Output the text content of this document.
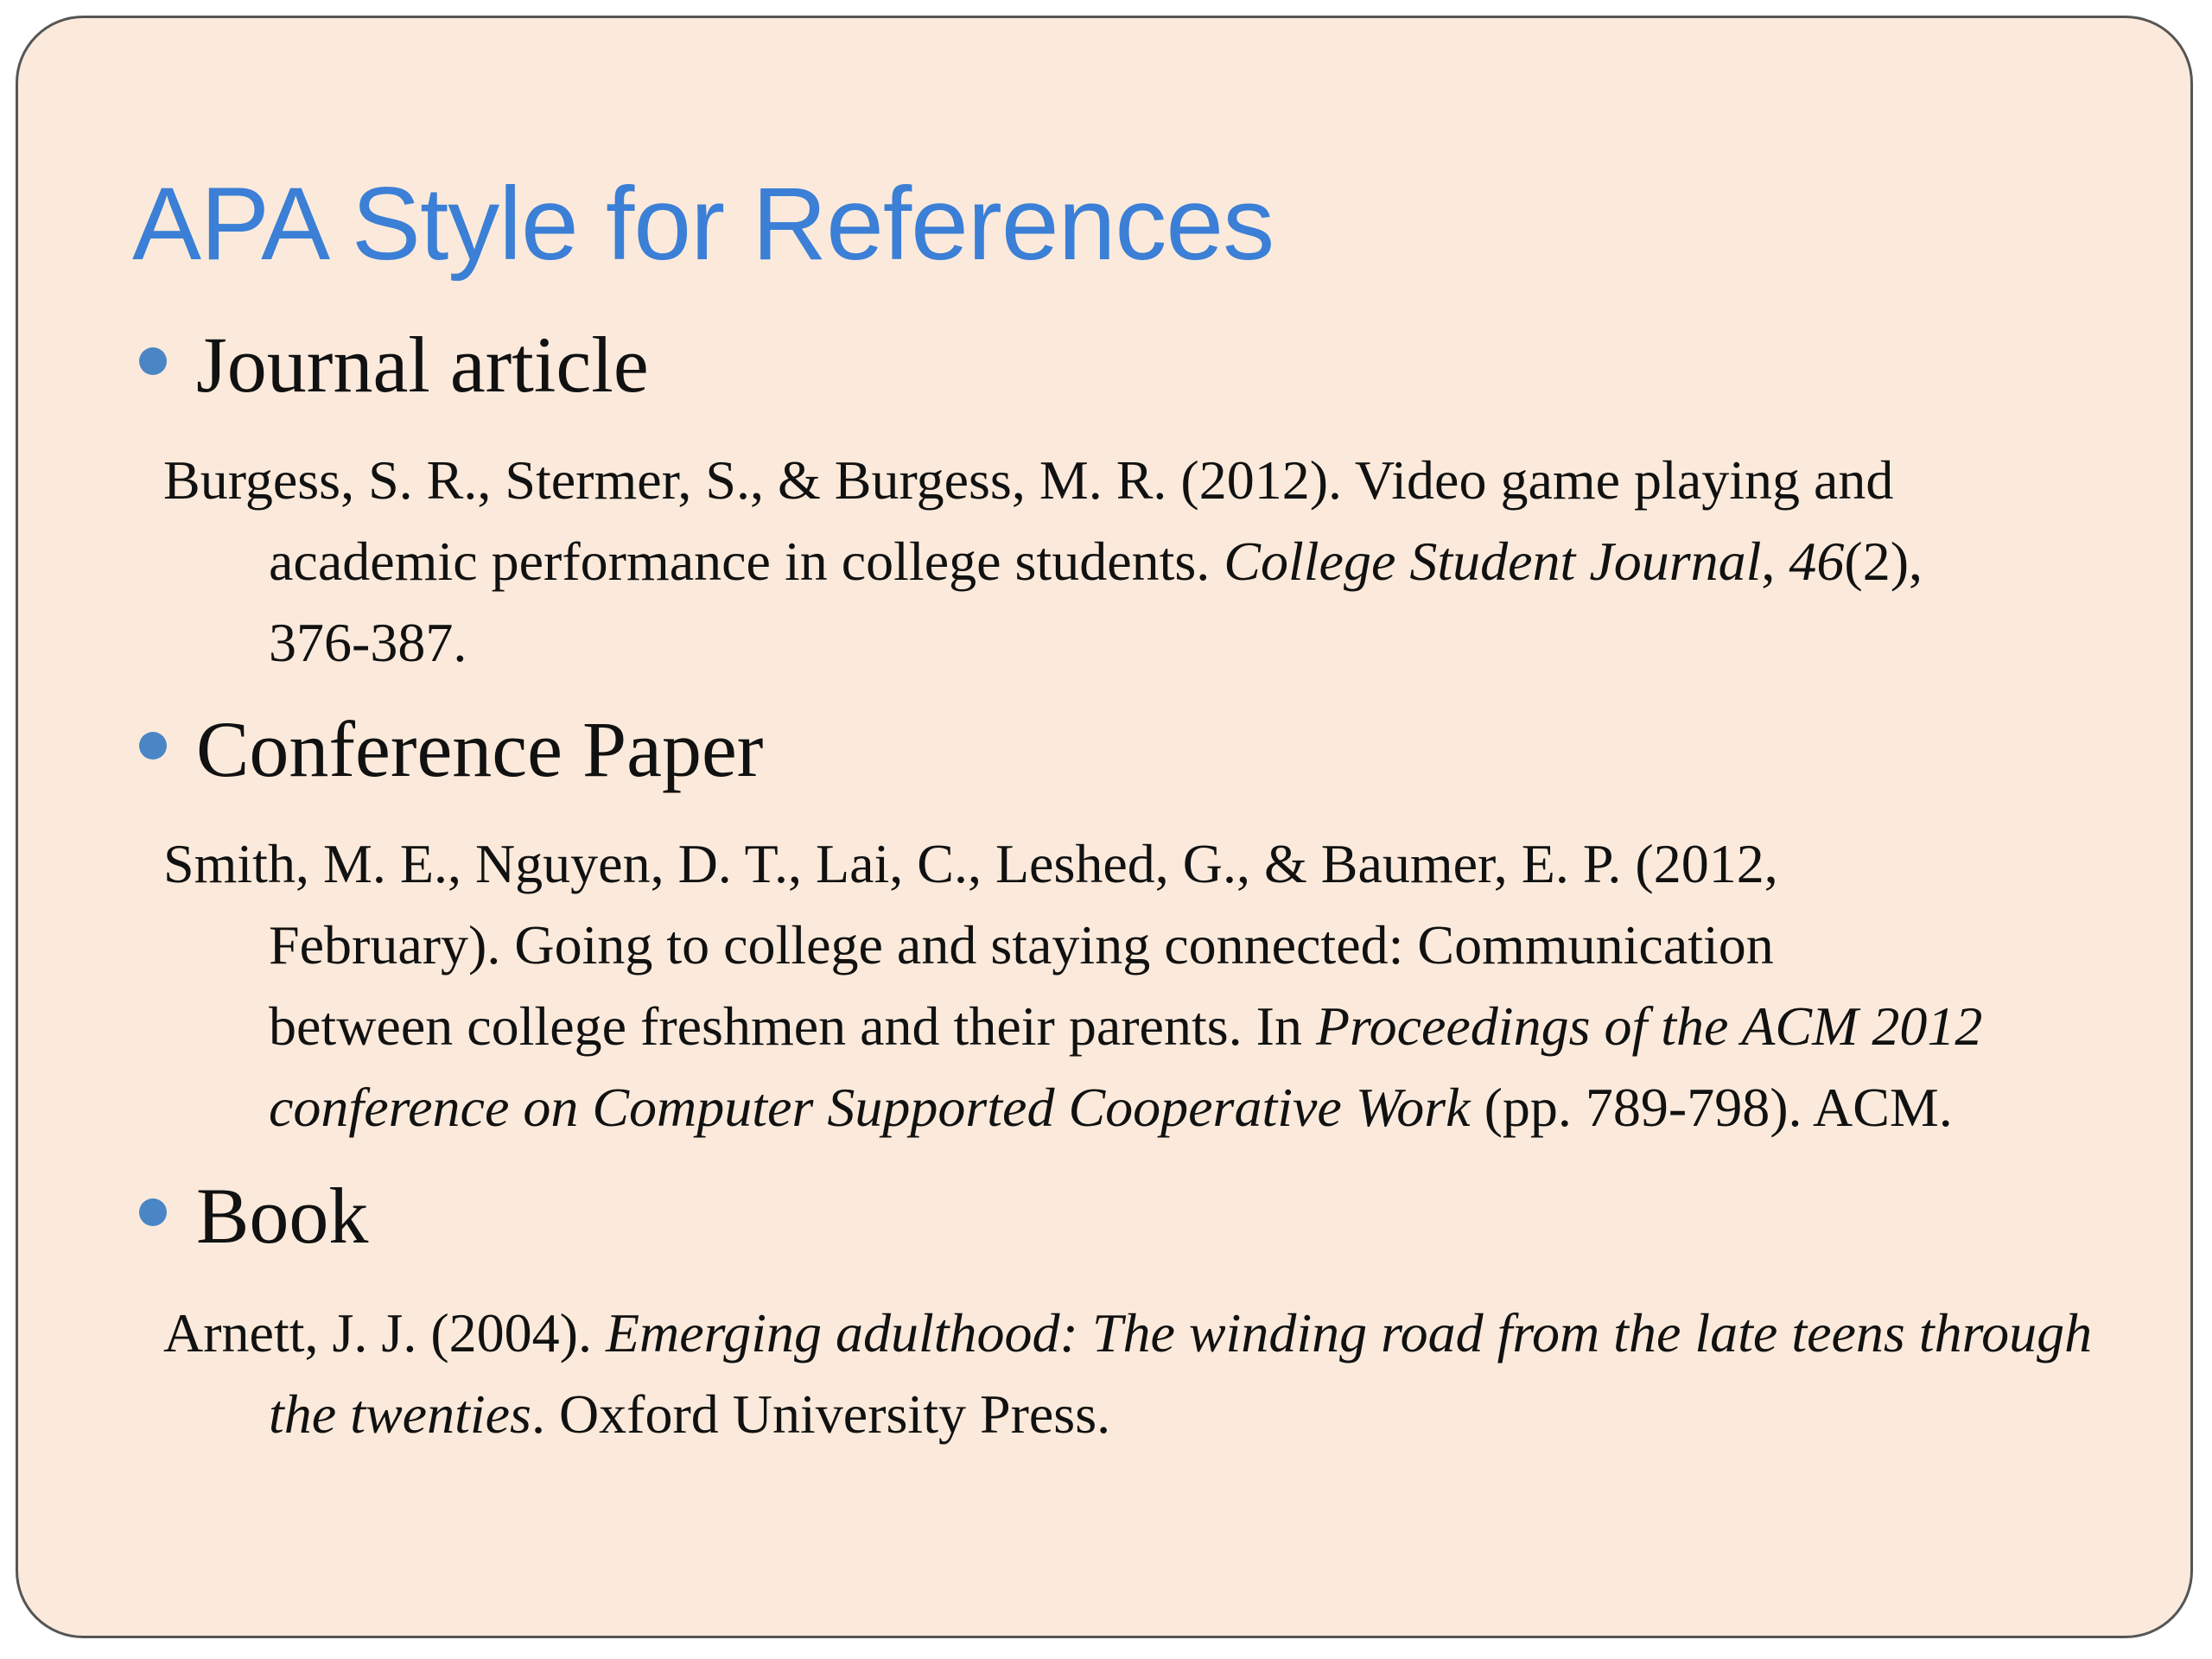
APA Style for References
Journal article
Burgess, S. R., Stermer, S., & Burgess, M. R. (2012). Video game playing and
academic performance in college students. College Student Journal, 46(2),
376-387.
Conference Paper
Smith, M. E., Nguyen, D. T., Lai, C., Leshed, G., & Baumer, E. P. (2012,
February). Going to college and staying connected: Communication
between college freshmen and their parents. In Proceedings of the ACM 2012
conference on Computer Supported Cooperative Work (pp. 789-798). ACM.
Book
Arnett, J. J. (2004). Emerging adulthood: The winding road from the late teens through
the twenties. Oxford University Press.
